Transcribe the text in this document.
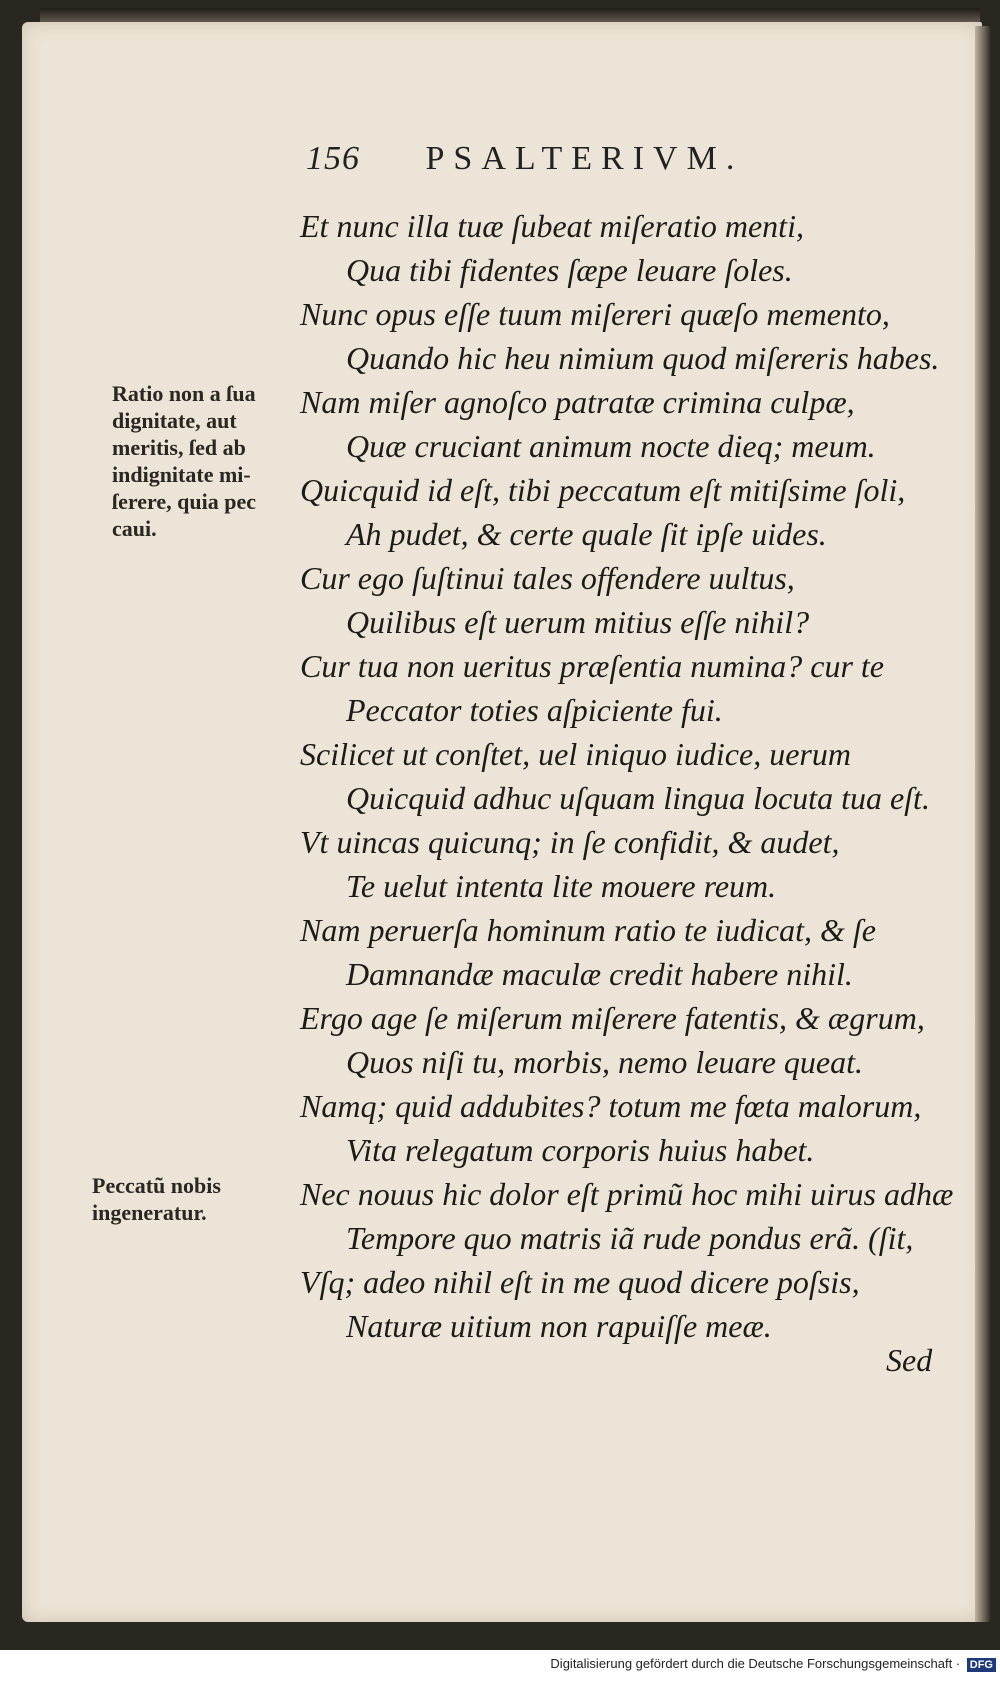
156 PSALTERIVM.
Et nunc illa tuæ ſubeat miſeratio menti,
Qua tibi fidentes ſæpe leuare ſoles.
Nunc opus eſſe tuum miſereri quæſo memento,
Quando hic heu nimium quod miſereris habes.
Nam miſer agnoſco patratæ crimina culpæ,
Quæ cruciant animum nocte dieq; meum.
Quicquid id eſt, tibi peccatum eſt mitiſsime ſoli,
Ah pudet, & certe quale ſit ipſe uides.
Cur ego ſuſtinui tales offendere uultus,
Quilibus eſt uerum mitius eſſe nihil?
Cur tua non ueritus præſentia numina? cur te
Peccator toties aſpiciente fui.
Scilicet ut conſtet, uel iniquo iudice, uerum
Quicquid adhuc uſquam lingua locuta tua eſt.
Vt uincas quicunq; in ſe confidit, & audet,
Te uelut intenta lite mouere reum.
Nam peruerſa hominum ratio te iudicat, & ſe
Damnandæ maculæ credit habere nihil.
Ergo age ſe miſerum miſerere fatentis, & ægrum,
Quos niſi tu, morbis, nemo leuare queat.
Namq; quid addubites? totum me fœta malorum,
Vita relegatum corporis huius habet.
Nec nouus hic dolor eſt primũ hoc mihi uirus adhæ
Tempore quo matris iã rude pondus erã. (ſit,
Vſq; adeo nihil eſt in me quod dicere poſsis,
Naturæ uitium non rapuiſſe meæ.
Ratio non a ſua
dignitate, aut
meritis, ſed ab
indignitate mi-
ſerere, quia pec
caui.
Peccatũ nobis
ingeneratur.
Sed
Digitalisierung gefördert durch die Deutsche Forschungsgemeinschaft · DFG
